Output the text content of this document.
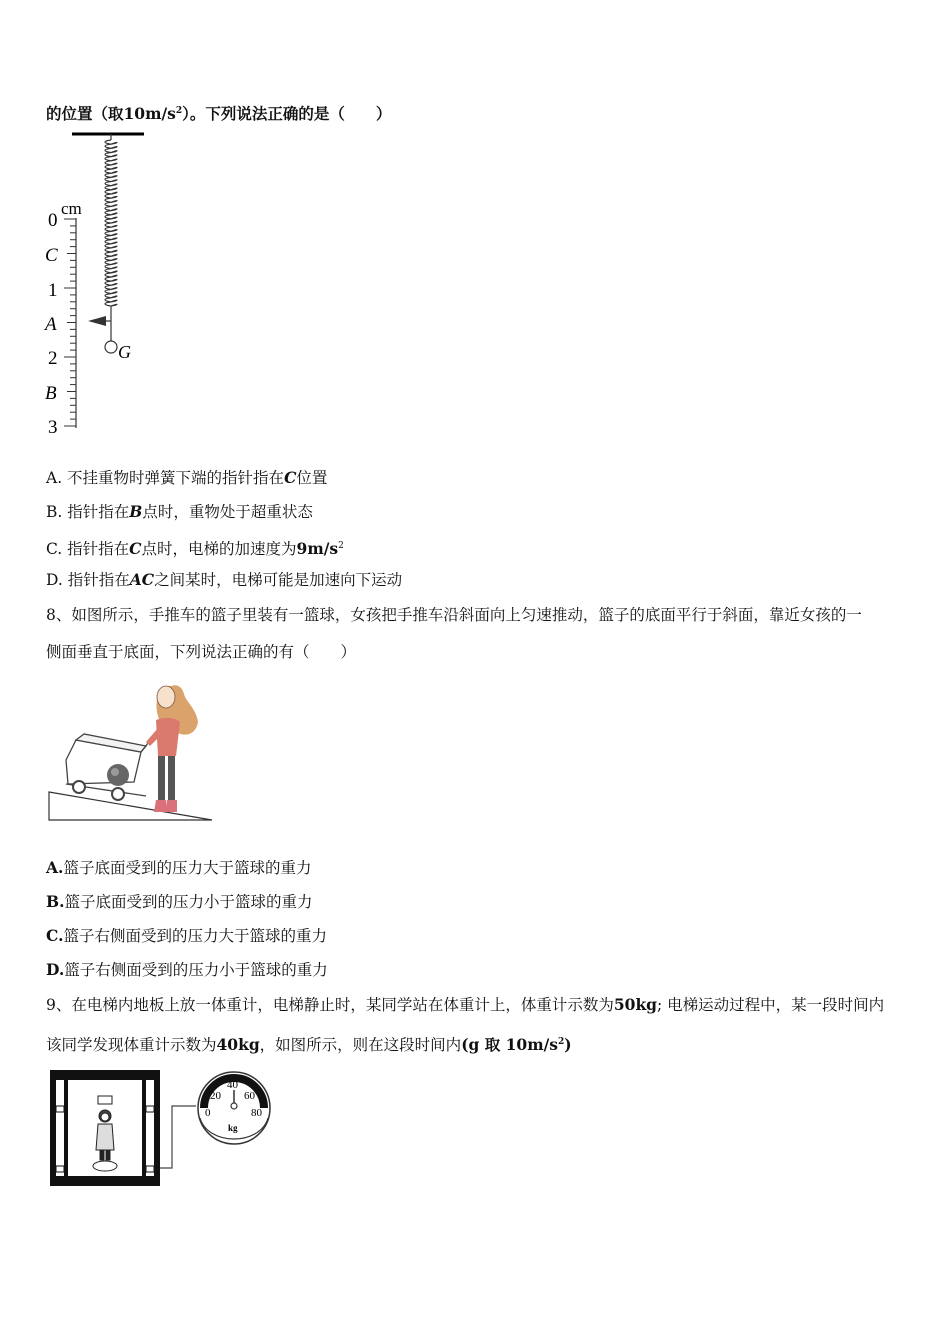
的位置（取$10m/s^2$）。下列说法正确的是（　　）
G
cm
0
C
1
A
2
B
3
A. 不挂重物时弹簧下端的指针指在C位置
B. 指针指在B点时，重物处于超重状态
C. 指针指在C点时，电梯的加速度为$9m/s^2$
D. 指针指在AC之间某时，电梯可能是加速向下运动
8、如图所示，手推车的篮子里装有一篮球，女孩把手推车沿斜面向上匀速推动，篮子的底面平行于斜面，靠近女孩的一
侧面垂直于底面，下列说法正确的有（　　）
A.篮子底面受到的压力大于篮球的重力
B.篮子底面受到的压力小于篮球的重力
C.篮子右侧面受到的压力大于篮球的重力
D.篮子右侧面受到的压力小于篮球的重力
9、在电梯内地板上放一体重计，电梯静止时，某同学站在体重计上，体重计示数为50kg; 电梯运动过程中，某一段时间内
该同学发现体重计示数为40kg，如图所示，则在这段时间内(g 取 $10m/s^2$)
0
20
40
60
80
kg
